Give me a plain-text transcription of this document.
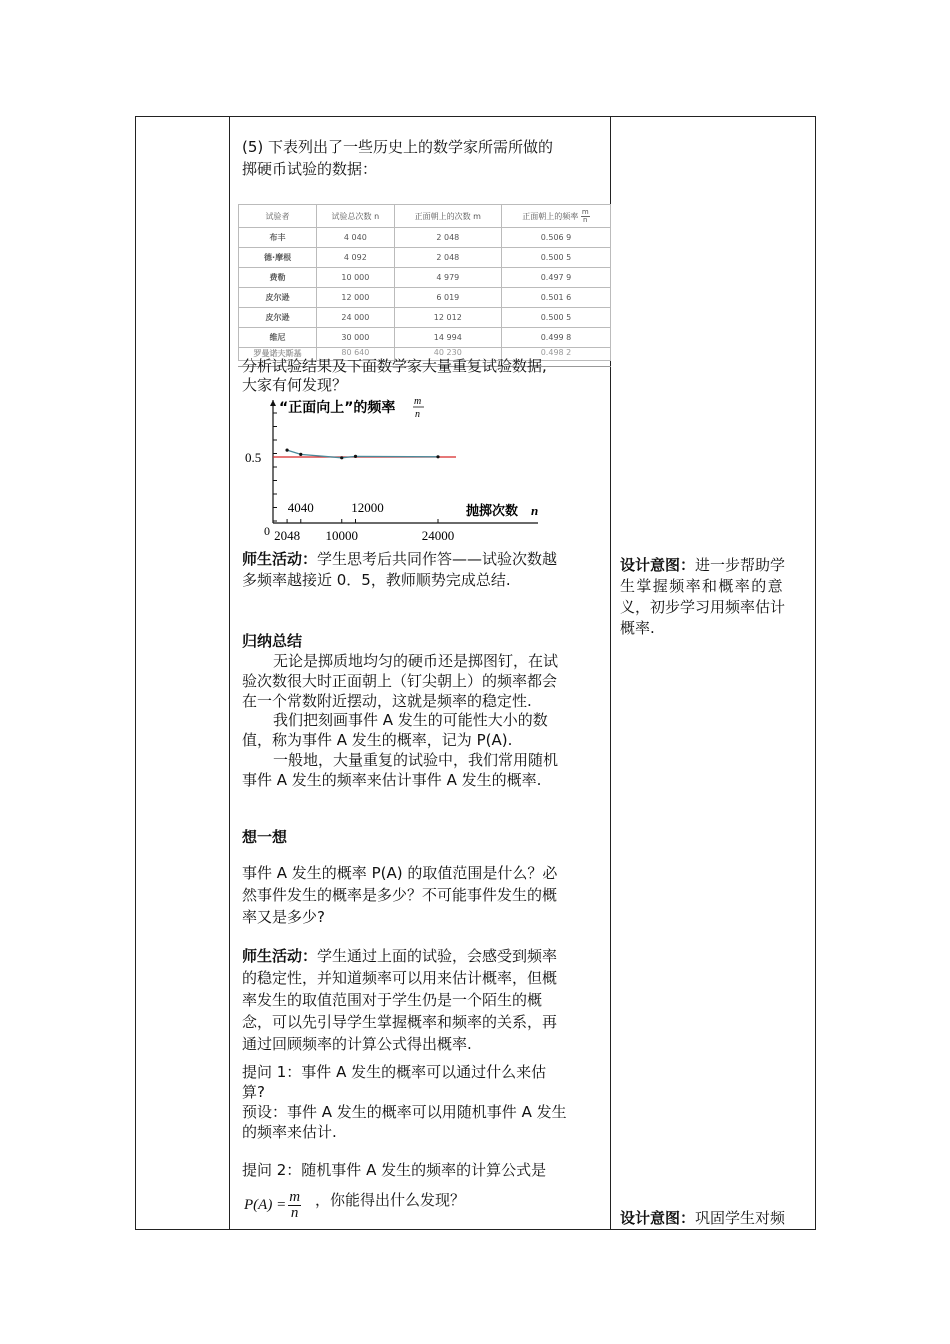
(5) 下表列出了一些历史上的数学家所需所做的
掷硬币试验的数据：
试验者	试验总次数 n	正面朝上的次数 m	正面朝上的频率 $\frac{m}{n}$

布丰	4 040	2 048	0.506 9
德·摩根	4 092	2 048	0.500 5
费勒	10 000	4 979	0.497 9
皮尔逊	12 000	6 019	0.501 6
皮尔逊	24 000	12 012	0.500 5
维尼	30 000	14 994	0.499 8
罗曼诺夫斯基	80 640	40 230	0.498 2
分析试验结果及下面数学家大量重复试验数据,
大家有何发现？
0.5
“正面向上”的频率 m
n
抛掷次数 n
0 2048 10000	24000
4040	12000
师生活动：学生思考后共同作答——试验次数越
多频率越接近 0．5，教师顺势完成总结.
设计意图：进一步帮助学
生掌握频率和概率的意
义，初步学习用频率估计
概率.
归纳总结
无论是掷质地均匀的硬币还是掷图钉，在试
验次数很大时正面朝上（钉尖朝上）的频率都会
在一个常数附近摆动，这就是频率的稳定性.
我们把刻画事件 A 发生的可能性大小的数
值，称为事件 A 发生的概率，记为 P(A).
一般地，大量重复的试验中，我们常用随机
事件 A 发生的频率来估计事件 A 发生的概率.
想一想
事件 A 发生的概率 P(A) 的取值范围是什么？必
然事件发生的概率是多少？不可能事件发生的概
率又是多少?
师生活动：学生通过上面的试验，会感受到频率
的稳定性，并知道频率可以用来估计概率，但概
率发生的取值范围对于学生仍是一个陌生的概
念，可以先引导学生掌握概率和频率的关系，再
通过回顾频率的计算公式得出概率.
提问 1：事件 A 发生的概率可以通过什么来估
算?
预设：事件 A 发生的概率可以用随机事件 A 发生
的频率来估计.
提问 2：随机事件 A 发生的频率的计算公式是
$P(A) = \frac{m}{n}$ ，你能得出什么发现？
设计意图：巩固学生对频
